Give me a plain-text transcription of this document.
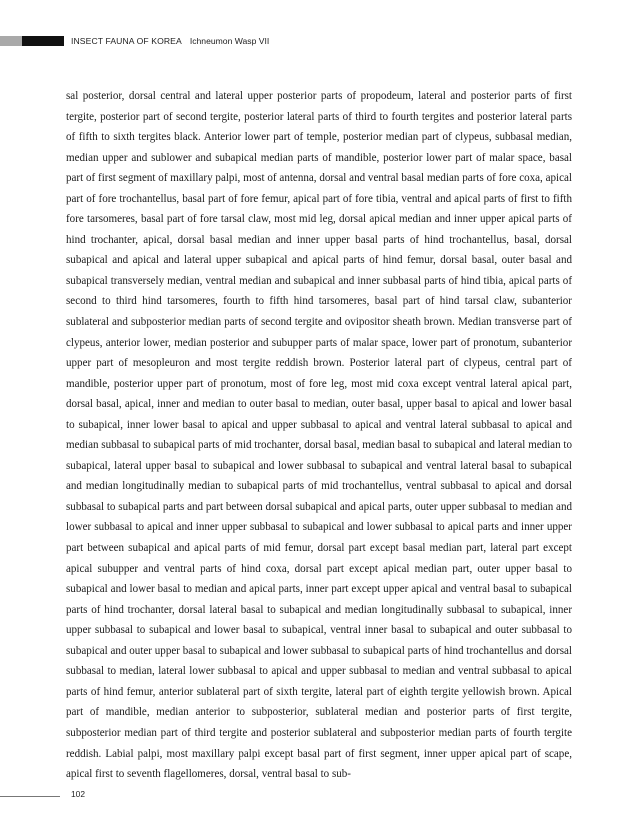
INSECT FAUNA OF KOREA Ichneumon Wasp VII

sal posterior, dorsal central and lateral upper posterior parts of propodeum, lateral and posterior parts of first tergite, posterior part of second tergite, posterior lateral parts of third to fourth tergites and posterior lateral parts of fifth to sixth tergites black. Anterior lower part of temple, posterior median part of clypeus, subbasal median, median upper and sublower and subapical median parts of mandible, posterior lower part of malar space, basal part of first segment of maxillary palpi, most of antenna, dorsal and ventral basal median parts of fore coxa, apical part of fore trochantellus, basal part of fore femur, apical part of fore tibia, ventral and apical parts of first to fifth fore tarsomeres, basal part of fore tarsal claw, most mid leg, dorsal apical median and inner upper apical parts of hind trochanter, apical, dorsal basal median and inner upper basal parts of hind trochantellus, basal, dorsal subapical and apical and lateral upper subapical and apical parts of hind femur, dorsal basal, outer basal and subapical transversely median, ventral median and subapical and inner subbasal parts of hind tibia, apical parts of second to third hind tarsomeres, fourth to fifth hind tarsomeres, basal part of hind tarsal claw, subanterior sublateral and subposterior median parts of second tergite and ovipositor sheath brown. Median transverse part of clypeus, anterior lower, median posterior and subupper parts of malar space, lower part of pronotum, subanterior upper part of mesopleuron and most tergite reddish brown. Posterior lateral part of clypeus, central part of mandible, posterior upper part of pronotum, most of fore leg, most mid coxa except ventral lateral apical part, dorsal basal, apical, inner and median to outer basal to median, outer basal, upper basal to apical and lower basal to subapical, inner lower basal to apical and upper subbasal to apical and ventral lateral subbasal to apical and median subbasal to subapical parts of mid trochanter, dorsal basal, median basal to subapical and lateral median to subapical, lateral upper basal to subapical and lower subbasal to subapical and ventral lateral basal to subapical and median longitudinally median to subapical parts of mid trochantellus, ventral subbasal to apical and dorsal subbasal to subapical parts and part between dorsal subapical and apical parts, outer upper subbasal to median and lower subbasal to apical and inner upper subbasal to subapical and lower subbasal to apical parts and inner upper part between subapical and apical parts of mid femur, dorsal part except basal median part, lateral part except apical subupper and ventral parts of hind coxa, dorsal part except apical median part, outer upper basal to subapical and lower basal to median and apical parts, inner part except upper apical and ventral basal to subapical parts of hind trochanter, dorsal lateral basal to subapical and median longitudinally subbasal to subapical, inner upper subbasal to subapical and lower basal to subapical, ventral inner basal to subapical and outer subbasal to subapical and outer upper basal to subapical and lower subbasal to subapical parts of hind trochantellus and dorsal subbasal to median, lateral lower subbasal to apical and upper subbasal to median and ventral subbasal to apical parts of hind femur, anterior sublateral part of sixth tergite, lateral part of eighth tergite yellowish brown. Apical part of mandible, median anterior to subposterior, sublateral median and posterior parts of first tergite, subposterior median part of third tergite and posterior sublateral and subposterior median parts of fourth tergite reddish. Labial palpi, most maxillary palpi except basal part of first segment, inner upper apical part of scape, apical first to seventh flagellomeres, dorsal, ventral basal to sub-

102
